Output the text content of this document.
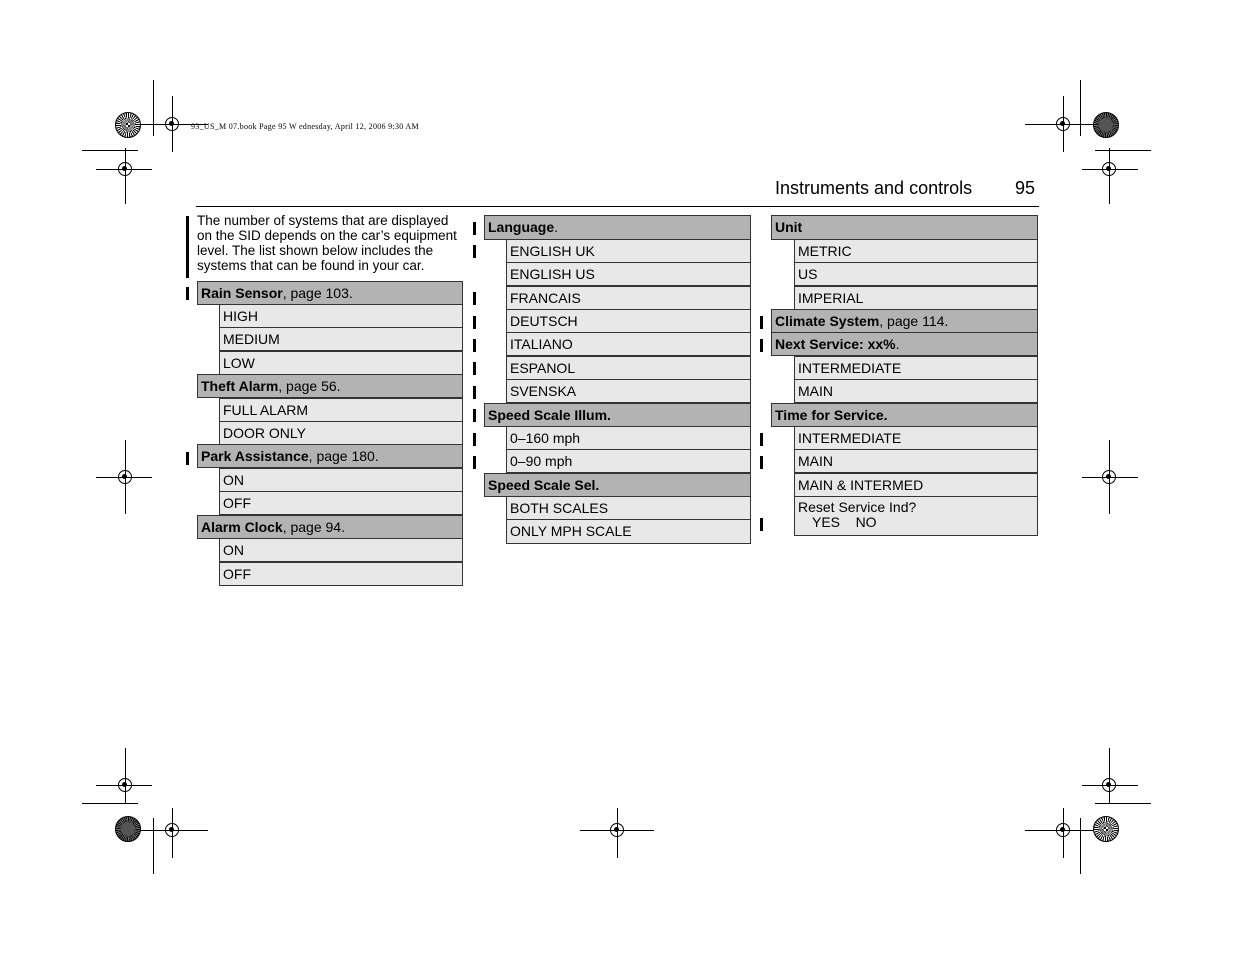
93_US_M 07.book Page 95 W ednesday, April 12, 2006 9:30 AM
Instruments and controls 95
The number of systems that are displayed on the SID depends on the car’s equipment level. The list shown below includes the systems that can be found in your car.
Rain Sensor, page 103.
HIGH
MEDIUM
LOW
Theft Alarm, page 56.
FULL ALARM
DOOR ONLY
Park Assistance, page 180.
ON
OFF
Alarm Clock, page 94.
ON
OFF
Language.
ENGLISH UK
ENGLISH US
FRANCAIS
DEUTSCH
ITALIANO
ESPANOL
SVENSKA
Speed Scale Illum.
0–160 mph
0–90 mph
Speed Scale Sel.
BOTH SCALES
ONLY MPH SCALE
Unit
METRIC
US
IMPERIAL
Climate System, page 114.
Next Service: xx%.
INTERMEDIATE
MAIN
Time for Service.
INTERMEDIATE
MAIN
MAIN & INTERMED
Reset Service Ind?
YES    NO
